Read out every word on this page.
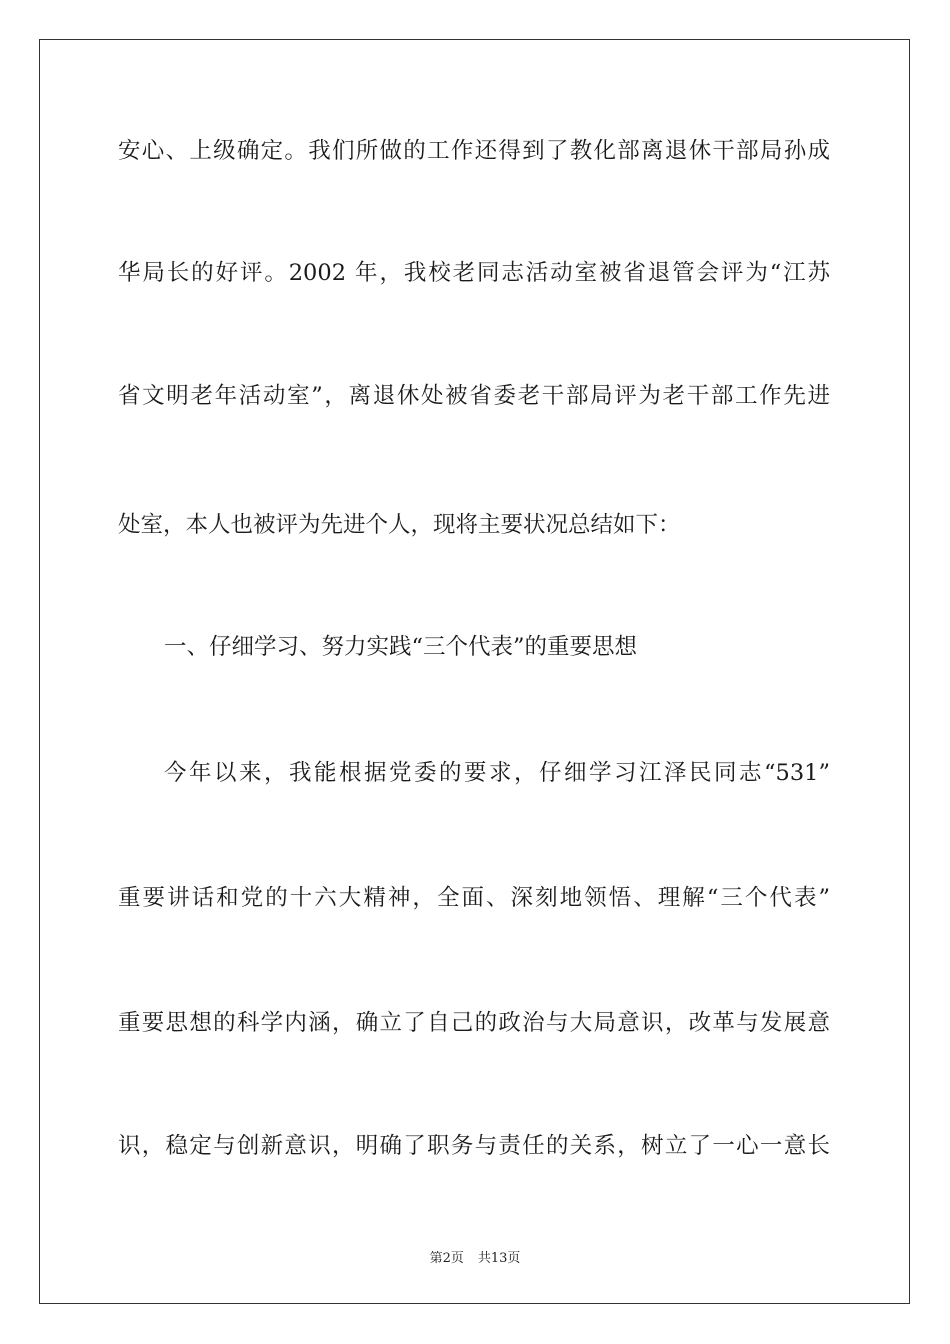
安心、上级确定。我们所做的工作还得到了教化部离退休干部局孙成
华局长的好评。2002 年，我校老同志活动室被省退管会评为“江苏
省文明老年活动室”，离退休处被省委老干部局评为老干部工作先进
处室，本人也被评为先进个人，现将主要状况总结如下：
一、仔细学习、努力实践“三个代表”的重要思想
今年以来，我能根据党委的要求，仔细学习江泽民同志“531”
重要讲话和党的十六大精神，全面、深刻地领悟、理解“三个代表”
重要思想的科学内涵，确立了自己的政治与大局意识，改革与发展意
识，稳定与创新意识，明确了职务与责任的关系，树立了一心一意长
第2页 共13页
